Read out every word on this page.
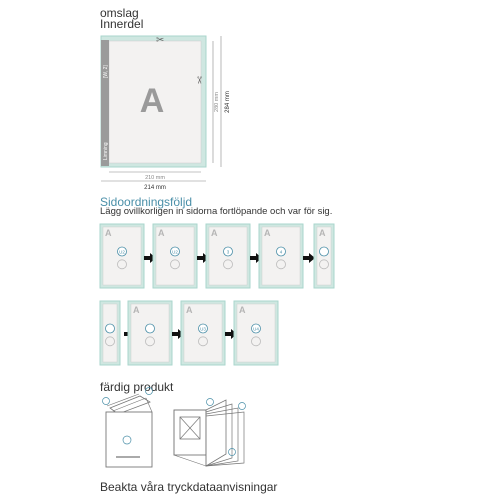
omslag
Innerdel
[W, 2]
Limning
A
✂
✂
210 mm
214 mm
280 mm 284 mm
Sidoordningsföljd
Lägg ovillkorligen in sidorna fortlöpande och var för sig.
A
U2
A
U2
A
3
A
4
A
A	A
U3
A
U4
färdig produkt
Beakta våra tryckdataanvisningar
